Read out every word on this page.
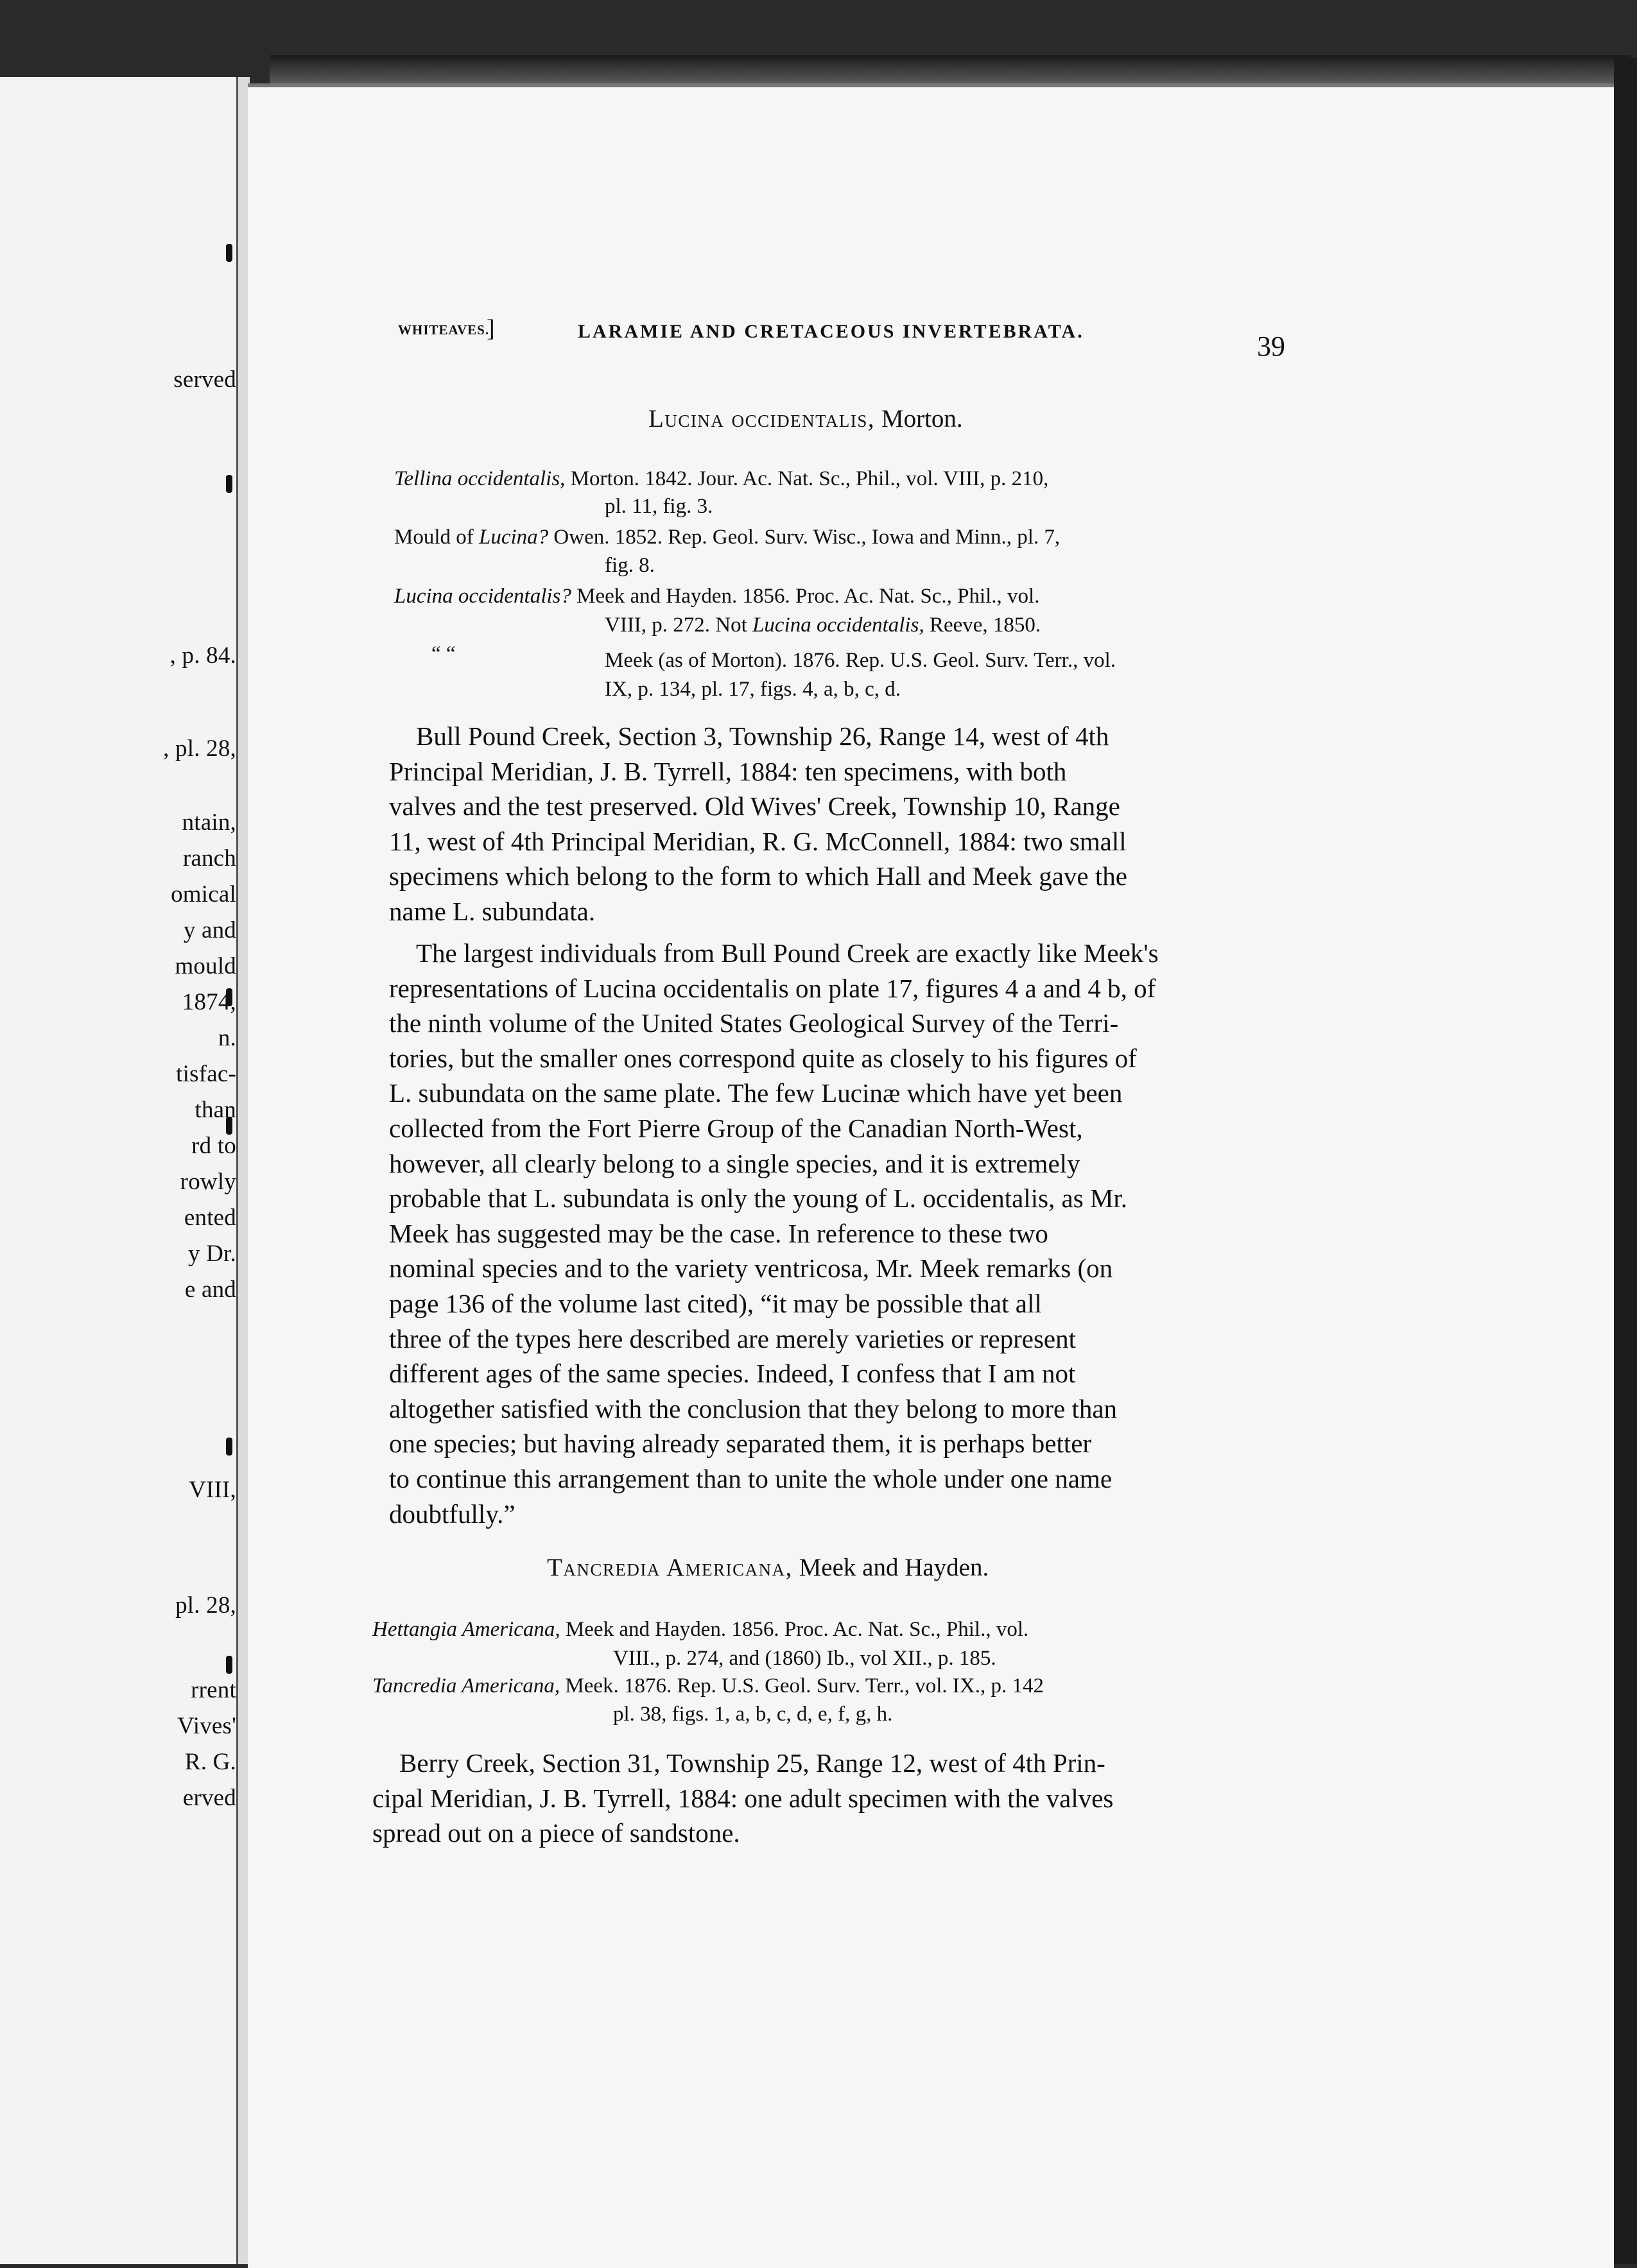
served
, p. 84.
, pl. 28,
ntain,
ranch
omical
y and
mould
1874,
n.
tisfac-
than
rd to
rowly
ented
y Dr.
e and
VIII,
pl. 28,
rrent
Vives'
R. G.
erved
WHITEAVES.
]	LARAMIE AND CRETACEOUS INVERTEBRATA.	39
Lucina occidentalis, Morton.
Tellina occidentalis, Morton. 1842. Jour. Ac. Nat. Sc., Phil., vol. VIII, p. 210,
pl. 11, fig. 3.
Mould of Lucina? Owen. 1852. Rep. Geol. Surv. Wisc., Iowa and Minn., pl. 7,
fig. 8.
Lucina occidentalis? Meek and Hayden. 1856. Proc. Ac. Nat. Sc., Phil., vol.
VIII, p. 272. Not Lucina occidentalis, Reeve, 1850.
“ “	Meek (as of Morton). 1876. Rep. U.S. Geol. Surv. Terr., vol.
IX, p. 134, pl. 17, figs. 4, a, b, c, d.
Bull Pound Creek, Section 3, Township 26, Range 14, west of 4th
Principal Meridian, J. B. Tyrrell, 1884: ten specimens, with both
valves and the test preserved. Old Wives' Creek, Township 10, Range
11, west of 4th Principal Meridian, R. G. McConnell, 1884: two small
specimens which belong to the form to which Hall and Meek gave the
name L. subundata.
The largest individuals from Bull Pound Creek are exactly like Meek's
representations of Lucina occidentalis on plate 17, figures 4 a and 4 b, of
the ninth volume of the United States Geological Survey of the Terri-
tories, but the smaller ones correspond quite as closely to his figures of
L. subundata on the same plate. The few Lucinæ which have yet been
collected from the Fort Pierre Group of the Canadian North-West,
however, all clearly belong to a single species, and it is extremely
probable that L. subundata is only the young of L. occidentalis, as Mr.
Meek has suggested may be the case. In reference to these two
nominal species and to the variety ventricosa, Mr. Meek remarks (on
page 136 of the volume last cited), “it may be possible that all
three of the types here described are merely varieties or represent
different ages of the same species. Indeed, I confess that I am not
altogether satisfied with the conclusion that they belong to more than
one species; but having already separated them, it is perhaps better
to continue this arrangement than to unite the whole under one name
doubtfully.”
Tancredia Americana, Meek and Hayden.
Hettangia Americana, Meek and Hayden. 1856. Proc. Ac. Nat. Sc., Phil., vol.
VIII., p. 274, and (1860) Ib., vol XII., p. 185.
Tancredia Americana, Meek. 1876. Rep. U.S. Geol. Surv. Terr., vol. IX., p. 142
pl. 38, figs. 1, a, b, c, d, e, f, g, h.
Berry Creek, Section 31, Township 25, Range 12, west of 4th Prin-
cipal Meridian, J. B. Tyrrell, 1884: one adult specimen with the valves
spread out on a piece of sandstone.
